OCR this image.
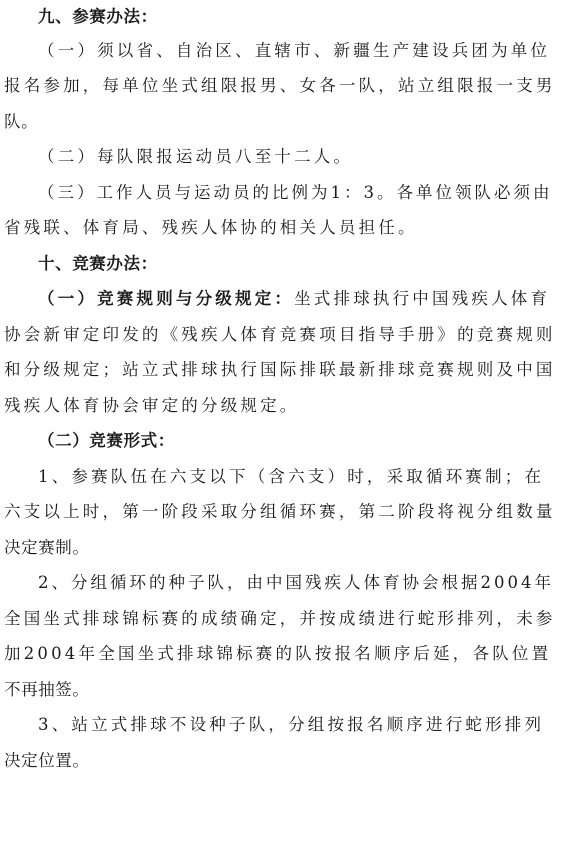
九、参赛办法：
（一）须以省、自治区、直辖市、新疆生产建设兵团为单位
报名参加，每单位坐式组限报男、女各一队，站立组限报一支男
队。
（二）每队限报运动员八至十二人。
（三）工作人员与运动员的比例为1：3。各单位领队必须由
省残联、体育局、残疾人体协的相关人员担任。
十、竞赛办法：
（一）竞赛规则与分级规定：坐式排球执行中国残疾人体育
协会新审定印发的《残疾人体育竞赛项目指导手册》的竞赛规则
和分级规定；站立式排球执行国际排联最新排球竞赛规则及中国
残疾人体育协会审定的分级规定。
（二）竞赛形式：
1、参赛队伍在六支以下（含六支）时，采取循环赛制；在
六支以上时，第一阶段采取分组循环赛，第二阶段将视分组数量
决定赛制。
2、分组循环的种子队，由中国残疾人体育协会根据2004年
全国坐式排球锦标赛的成绩确定，并按成绩进行蛇形排列，未参
加2004年全国坐式排球锦标赛的队按报名顺序后延，各队位置
不再抽签。
3、站立式排球不设种子队，分组按报名顺序进行蛇形排列
决定位置。
